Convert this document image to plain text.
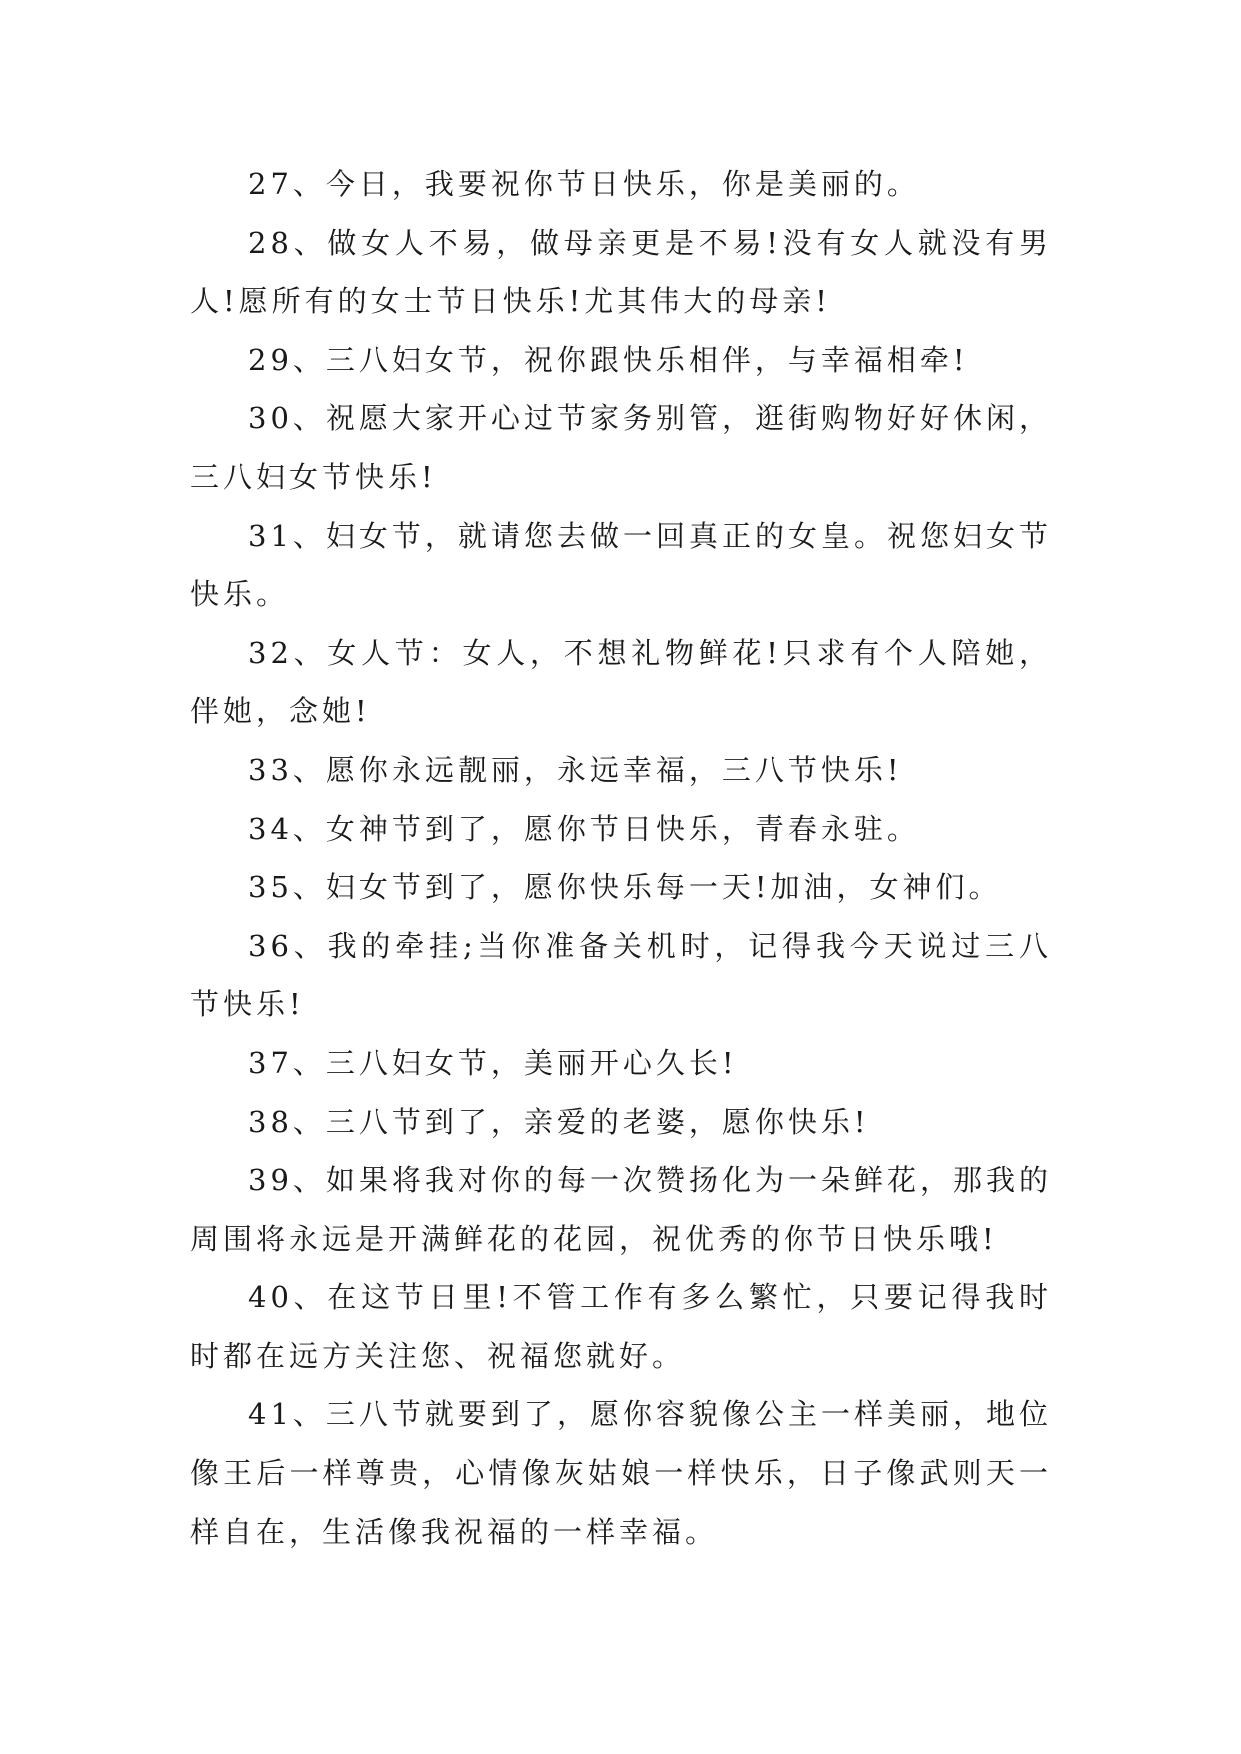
27、今日，我要祝你节日快乐，你是美丽的。

28、做女人不易，做母亲更是不易!没有女人就没有男人!愿所有的女士节日快乐!尤其伟大的母亲!

29、三八妇女节，祝你跟快乐相伴，与幸福相牵!

30、祝愿大家开心过节家务别管，逛街购物好好休闲，三八妇女节快乐!

31、妇女节，就请您去做一回真正的女皇。祝您妇女节快乐。

32、女人节：女人，不想礼物鲜花!只求有个人陪她，伴她，念她!

33、愿你永远靓丽，永远幸福，三八节快乐!

34、女神节到了，愿你节日快乐，青春永驻。

35、妇女节到了，愿你快乐每一天!加油，女神们。

36、我的牵挂;当你准备关机时，记得我今天说过三八节快乐!

37、三八妇女节，美丽开心久长!

38、三八节到了，亲爱的老婆，愿你快乐!

39、如果将我对你的每一次赞扬化为一朵鲜花，那我的周围将永远是开满鲜花的花园，祝优秀的你节日快乐哦!

40、在这节日里!不管工作有多么繁忙，只要记得我时时都在远方关注您、祝福您就好。

41、三八节就要到了，愿你容貌像公主一样美丽，地位像王后一样尊贵，心情像灰姑娘一样快乐，日子像武则天一样自在，生活像我祝福的一样幸福。
